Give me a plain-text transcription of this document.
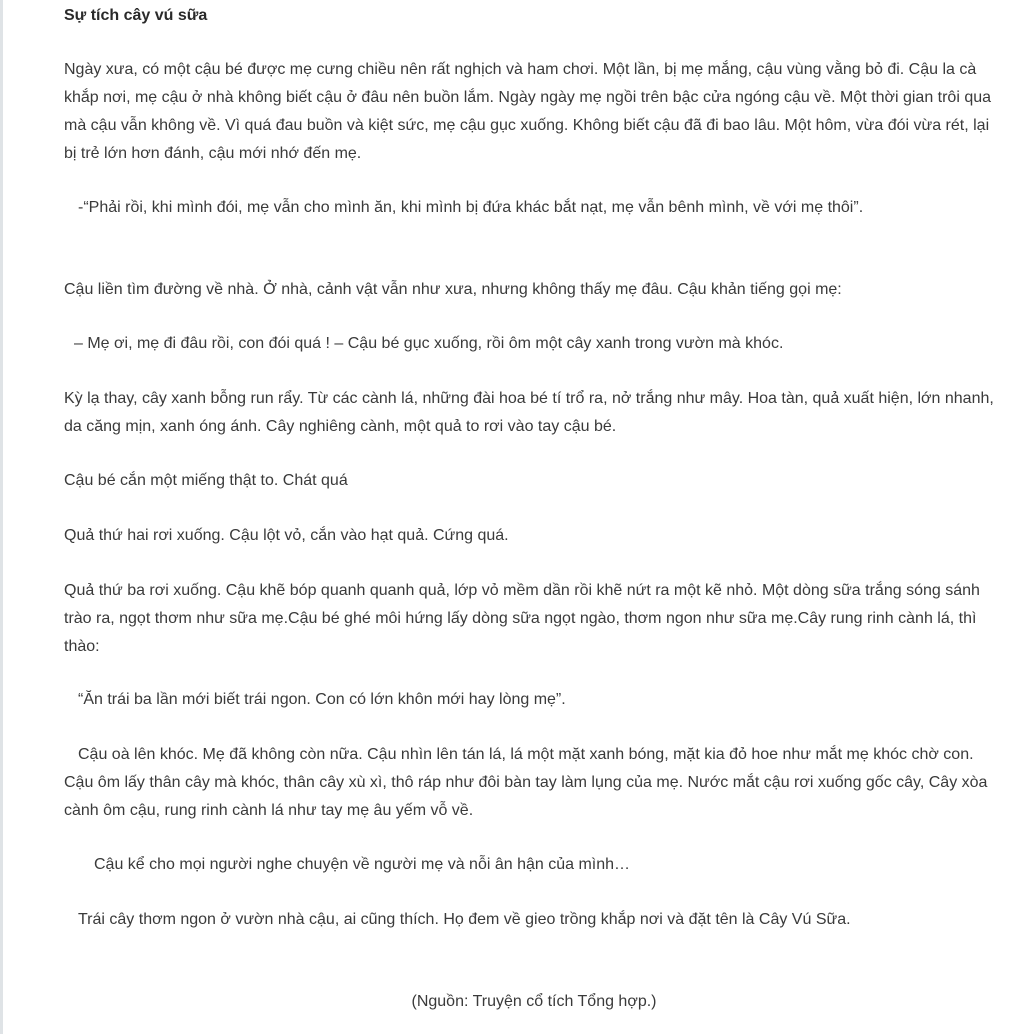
Sự tích cây vú sữa

Ngày xưa, có một cậu bé được mẹ cưng chiều nên rất nghịch và ham chơi. Một lần, bị mẹ mắng, cậu vùng vằng bỏ đi. Cậu la cà khắp nơi, mẹ cậu ở nhà không biết cậu ở đâu nên buồn lắm. Ngày ngày mẹ ngồi trên bậc cửa ngóng cậu về. Một thời gian trôi qua mà cậu vẫn không về. Vì quá đau buồn và kiệt sức, mẹ cậu gục xuống. Không biết cậu đã đi bao lâu. Một hôm, vừa đói vừa rét, lại bị trẻ lớn hơn đánh, cậu mới nhớ đến mẹ.

-“Phải rồi, khi mình đói, mẹ vẫn cho mình ăn, khi mình bị đứa khác bắt nạt, mẹ vẫn bênh mình, về với mẹ thôi”.

Cậu liền tìm đường về nhà. Ở nhà, cảnh vật vẫn như xưa, nhưng không thấy mẹ đâu. Cậu khản tiếng gọi mẹ:

– Mẹ ơi, mẹ đi đâu rồi, con đói quá ! – Cậu bé gục xuống, rồi ôm một cây xanh trong vườn mà khóc.

Kỳ lạ thay, cây xanh bỗng run rẩy. Từ các cành lá, những đài hoa bé tí trổ ra, nở trắng như mây. Hoa tàn, quả xuất hiện, lớn nhanh, da căng mịn, xanh óng ánh. Cây nghiêng cành, một quả to rơi vào tay cậu bé.

Cậu bé cắn một miếng thật to. Chát quá

Quả thứ hai rơi xuống. Cậu lột vỏ, cắn vào hạt quả. Cứng quá.

Quả thứ ba rơi xuống. Cậu khẽ bóp quanh quanh quả, lớp vỏ mềm dần rồi khẽ nứt ra một kẽ nhỏ. Một dòng sữa trắng sóng sánh trào ra, ngọt thơm như sữa mẹ.Cậu bé ghé môi hứng lấy dòng sữa ngọt ngào, thơm ngon như sữa mẹ.Cây rung rinh cành lá, thì thào:

“Ăn trái ba lần mới biết trái ngon. Con có lớn khôn mới hay lòng mẹ”.

Cậu oà lên khóc. Mẹ đã không còn nữa. Cậu nhìn lên tán lá, lá một mặt xanh bóng, mặt kia đỏ hoe như mắt mẹ khóc chờ con. Cậu ôm lấy thân cây mà khóc, thân cây xù xì, thô ráp như đôi bàn tay làm lụng của mẹ. Nước mắt cậu rơi xuống gốc cây, Cây xòa cành ôm cậu, rung rinh cành lá như tay mẹ âu yếm vỗ về.

Cậu kể cho mọi người nghe chuyện về người mẹ và nỗi ân hận của mình…

Trái cây thơm ngon ở vườn nhà cậu, ai cũng thích. Họ đem về gieo trồng khắp nơi và đặt tên là Cây Vú Sữa.

(Nguồn: Truyện cổ tích Tổng hợp.)
